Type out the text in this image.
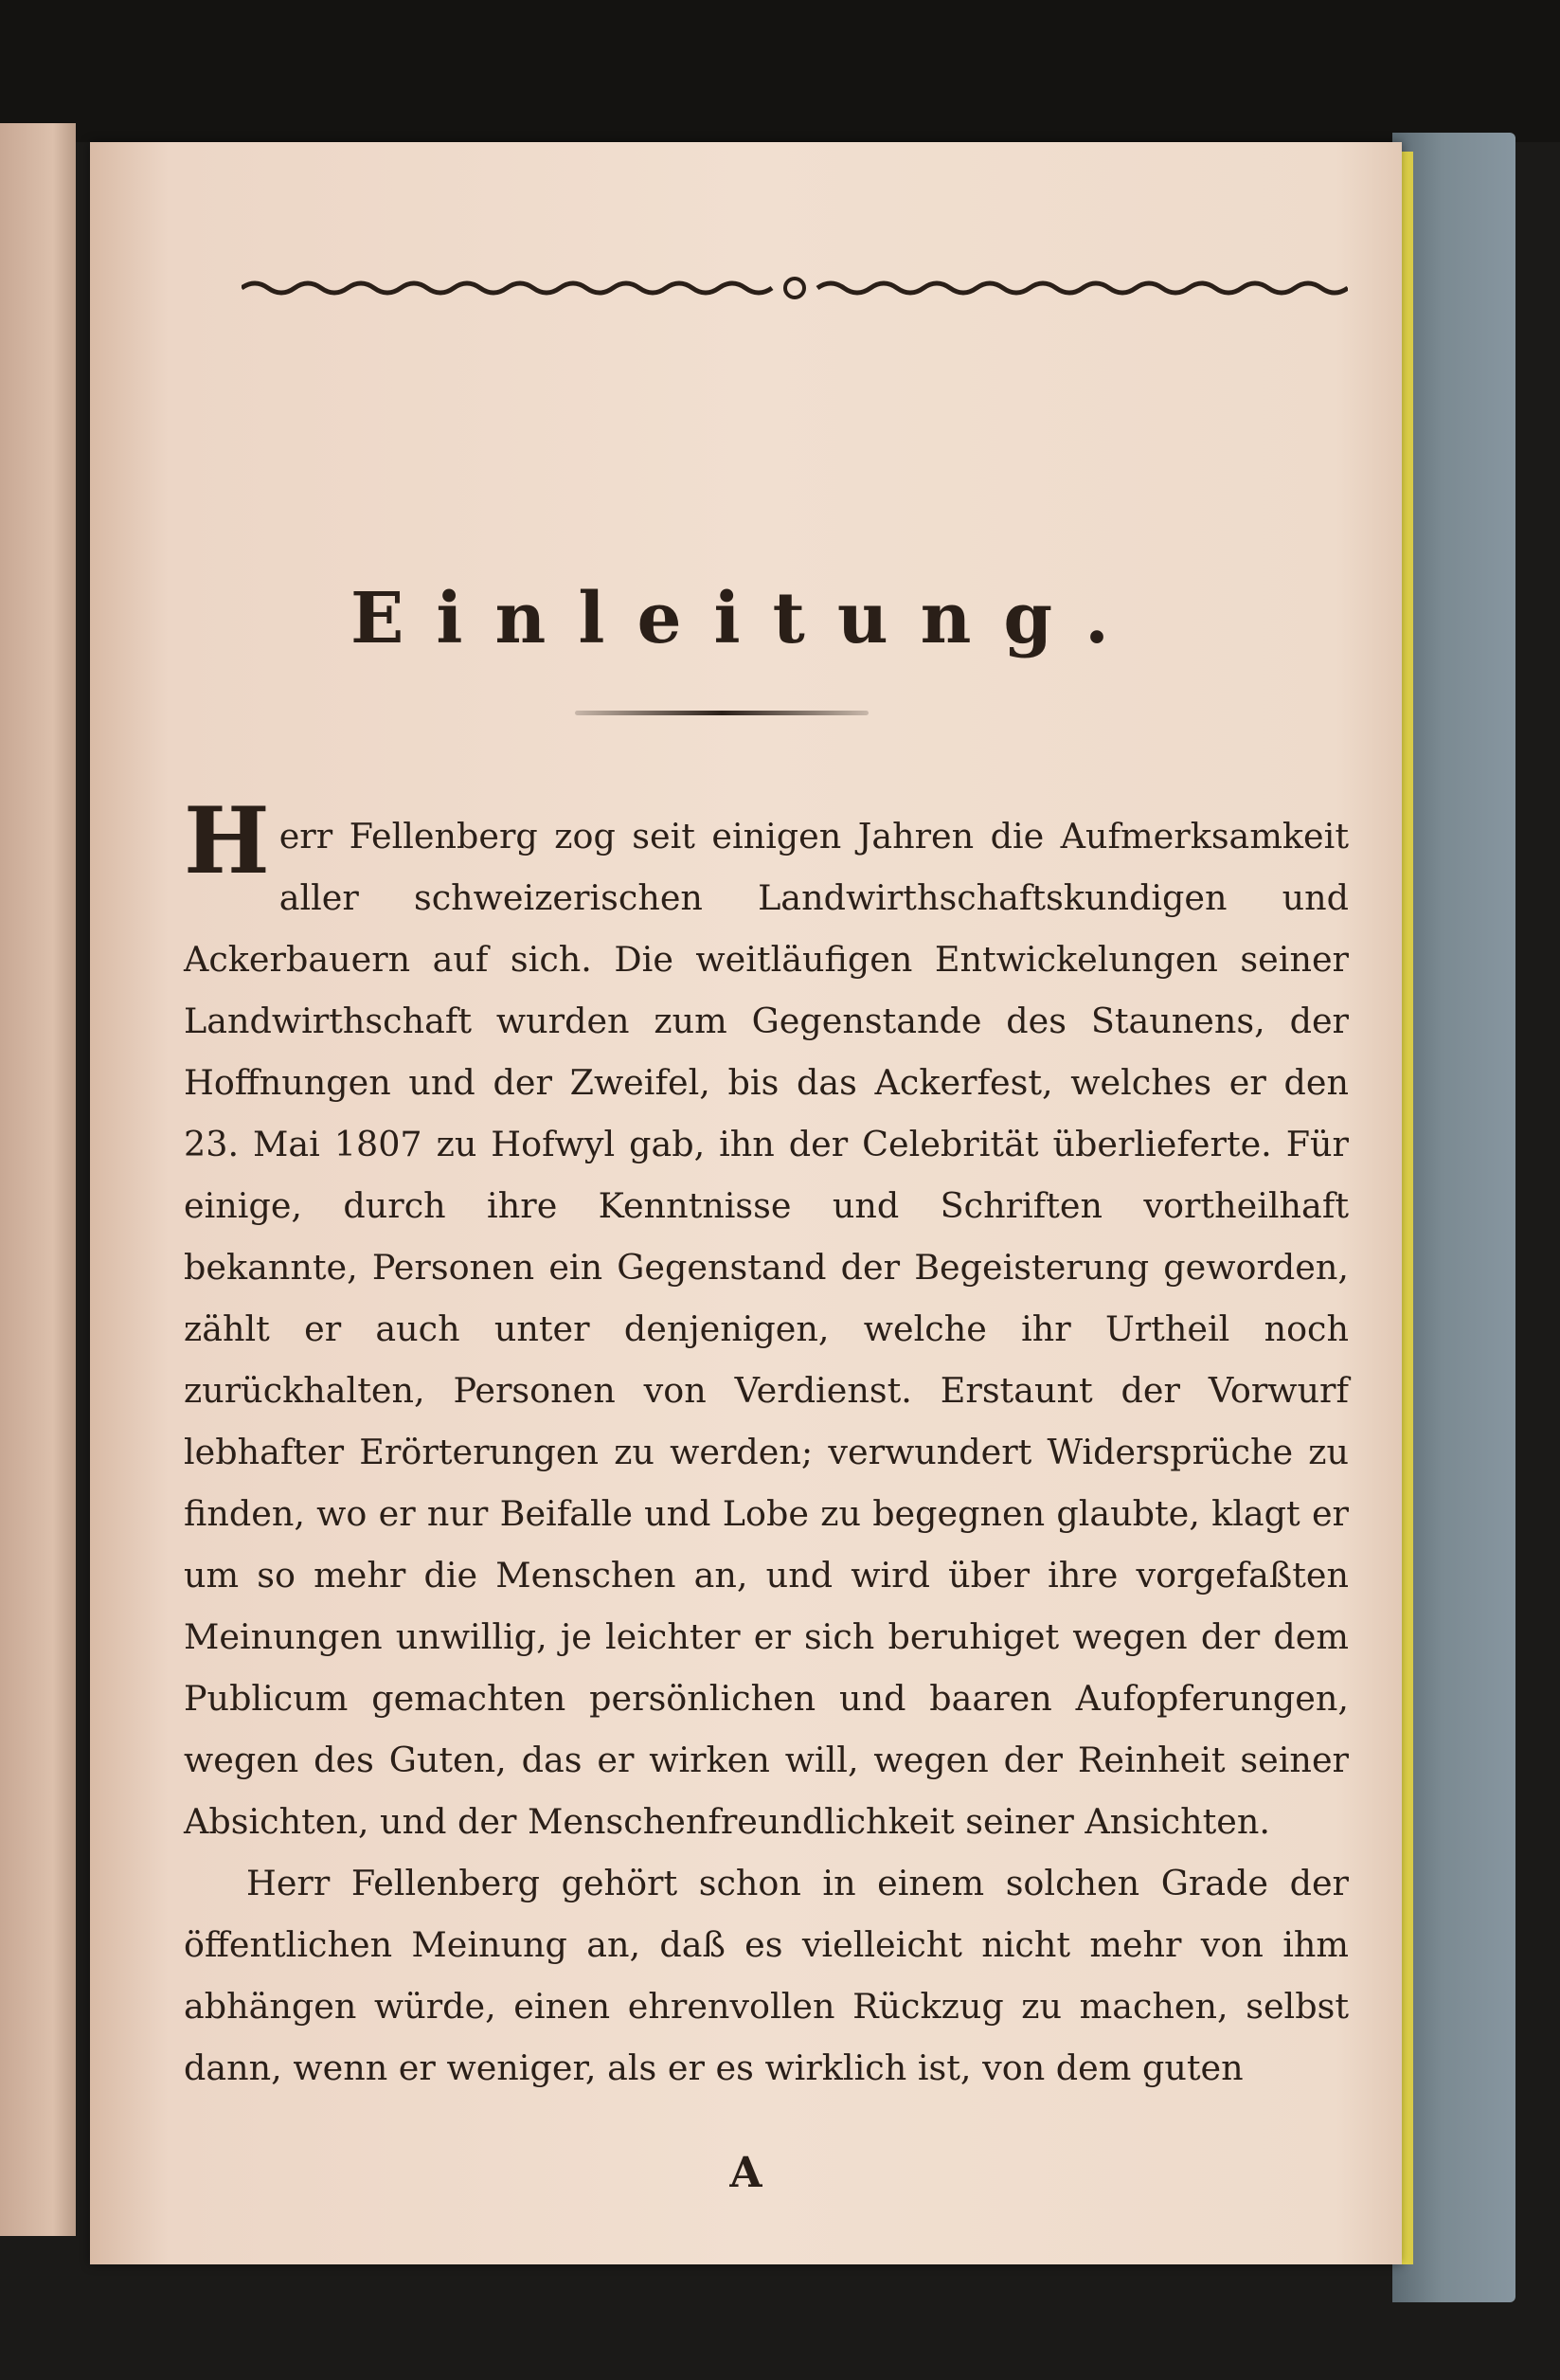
Einleitung.

Herr Fellenberg zog seit einigen Jahren die Aufmerksamkeit aller schweizerischen Landwirthschaftskundigen und Ackerbauern auf sich. Die weitläufigen Entwickelungen seiner Landwirthschaft wurden zum Gegenstande des Staunens, der Hoffnungen und der Zweifel, bis das Ackerfest, welches er den 23. Mai 1807 zu Hofwyl gab, ihn der Celebrität überlieferte. Für einige, durch ihre Kenntnisse und Schriften vortheilhaft bekannte, Personen ein Gegenstand der Begeisterung geworden, zählt er auch unter denjenigen, welche ihr Urtheil noch zurückhalten, Personen von Verdienst. Erstaunt der Vorwurf lebhafter Erörterungen zu werden; verwundert Widersprüche zu finden, wo er nur Beifalle und Lobe zu begegnen glaubte, klagt er um so mehr die Menschen an, und wird über ihre vorgefaßten Meinungen unwillig, je leichter er sich beruhiget wegen der dem Publicum gemachten persönlichen und baaren Aufopferungen, wegen des Guten, das er wirken will, wegen der Reinheit seiner Absichten, und der Menschenfreundlichkeit seiner Ansichten.

Herr Fellenberg gehört schon in einem solchen Grade der öffentlichen Meinung an, daß es vielleicht nicht mehr von ihm abhängen würde, einen ehrenvollen Rückzug zu machen, selbst dann, wenn er weniger, als er es wirklich ist, von dem guten

A
